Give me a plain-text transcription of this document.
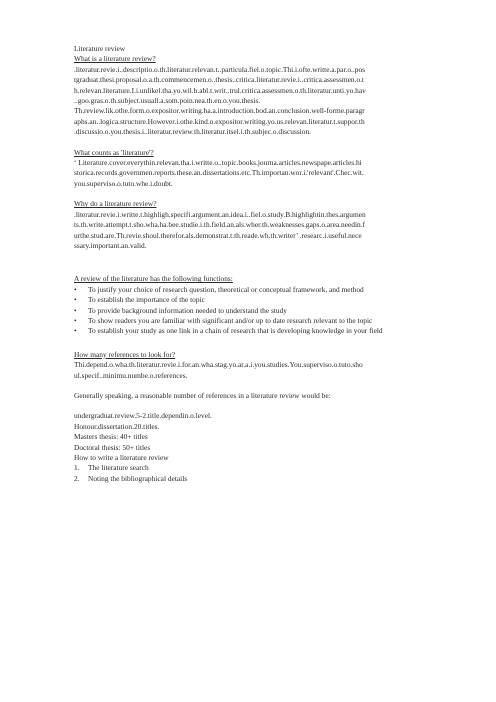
Literature review
What is a literature review?
.literatur.revie.i..descriptio.o.th.literatur.relevan.t..particula.fiel.o.topic.Thi.i.ofte.writte.a.par.o..pos
tgraduat.thesi.proposal.o.a.th.commencemen.o..thesis..critica.literatur.revie.i..critica.assessmen.o.t
h.relevan.literature.I.i.unlikel.tha.yo.wil.b.abl.t.writ..trul.critica.assessmen.o.th.literatur.unti.yo.hav
..goo.gras.o.th.subject.usuall.a.som.poin.nea.th.en.o.you.thesis.
Th.review.lik.othe.form.o.expositor.writing.ha.a.introduction.bod.an.conclusion.well-forme.paragr
aphs.an..logica.structure.However.i.othe.kind.o.expositor.writing.yo.us.relevan.literatur.t.suppor.th
.discussio.o.you.thesis.i..literatur.review.th.literatur.itsel.i.th.subjec.o.discussion.
What counts as 'literature'?
‘ Literature.cover.everythin.relevan.tha.i.writte.o..topic.books.journa.articles.newspape.articles.hi
storica.records.governmen.reports.these.an.dissertations.etc.Th.importan.wor.i.'relevant'.Chec.wit.
you.superviso.o.tuto.whe.i.doubt.
Why do a literature review?
.literatur.revie.i.writte.t.highligh.specifi.argument.an.idea.i..fiel.o.study.B.highlightin.thes.argumen
ts.th.write.attempt.t.sho.wha.ha.bee.studie.i.th.field.an.als.wher.th.weaknesses.gaps.o.area.needin.f
urthe.stud.are.Th.revie.shoul.therefor.als.demonstrat.t.th.reade.wh.th.writer’ .researc.i.useful.nece
ssary.important.an.valid.
A review of the literature has the following functions:
•	To justify your choice of research question, theoretical or conceptual framework, and method
•	To establish the importance of the topic
•	To provide background information needed to understand the study
•	To show readers you are familiar with significant and/or up to date research relevant to the topic
•	To establish your study as one link in a chain of research that is developing knowledge in your field
How many references to look for?
Thi.depend.o.wha.th.literatur.revie.i.for.an.wha.stag.yo.ar.a.i.you.studies.You.superviso.o.tuto.sho
ul.specif..minimu.numbe.o.references.
Generally speaking, a reasonable number of references in a literature review would be:
undergraduat.review.5-2.title.dependin.o.level.
Honour.dissertation.20.titles.
Masters thesis: 40+ titles
Doctoral thesis: 50+ titles
How to write a literature review
1.	The literature search
2.	Noting the bibliographical details
